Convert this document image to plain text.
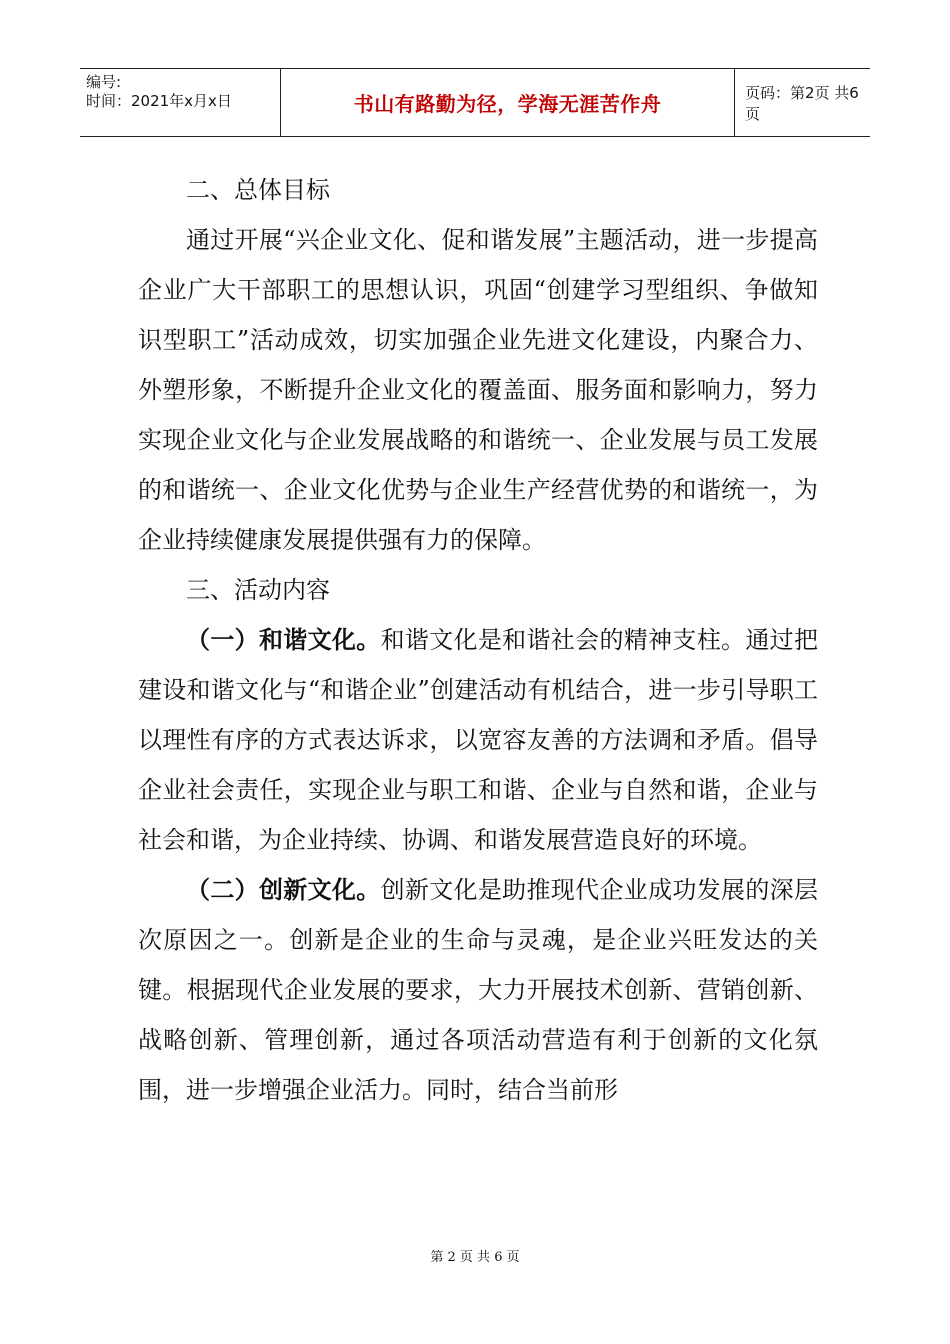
编号:
时间：2021年x月x日	书山有路勤为径，学海无涯苦作舟	页码：第2页 共6页

二、总体目标

通过开展“兴企业文化、促和谐发展”主题活动，进一步提高企业广大干部职工的思想认识，巩固“创建学习型组织、争做知识型职工”活动成效，切实加强企业先进文化建设，内聚合力、外塑形象，不断提升企业文化的覆盖面、服务面和影响力，努力实现企业文化与企业发展战略的和谐统一、企业发展与员工发展的和谐统一、企业文化优势与企业生产经营优势的和谐统一，为企业持续健康发展提供强有力的保障。

三、活动内容

（一）和谐文化。和谐文化是和谐社会的精神支柱。通过把建设和谐文化与“和谐企业”创建活动有机结合，进一步引导职工以理性有序的方式表达诉求，以宽容友善的方法调和矛盾。倡导企业社会责任，实现企业与职工和谐、企业与自然和谐，企业与社会和谐，为企业持续、协调、和谐发展营造良好的环境。

（二）创新文化。创新文化是助推现代企业成功发展的深层次原因之一。创新是企业的生命与灵魂，是企业兴旺发达的关键。根据现代企业发展的要求，大力开展技术创新、营销创新、战略创新、管理创新，通过各项活动营造有利于创新的文化氛围，进一步增强企业活力。同时，结合当前形

第 2 页 共 6 页
